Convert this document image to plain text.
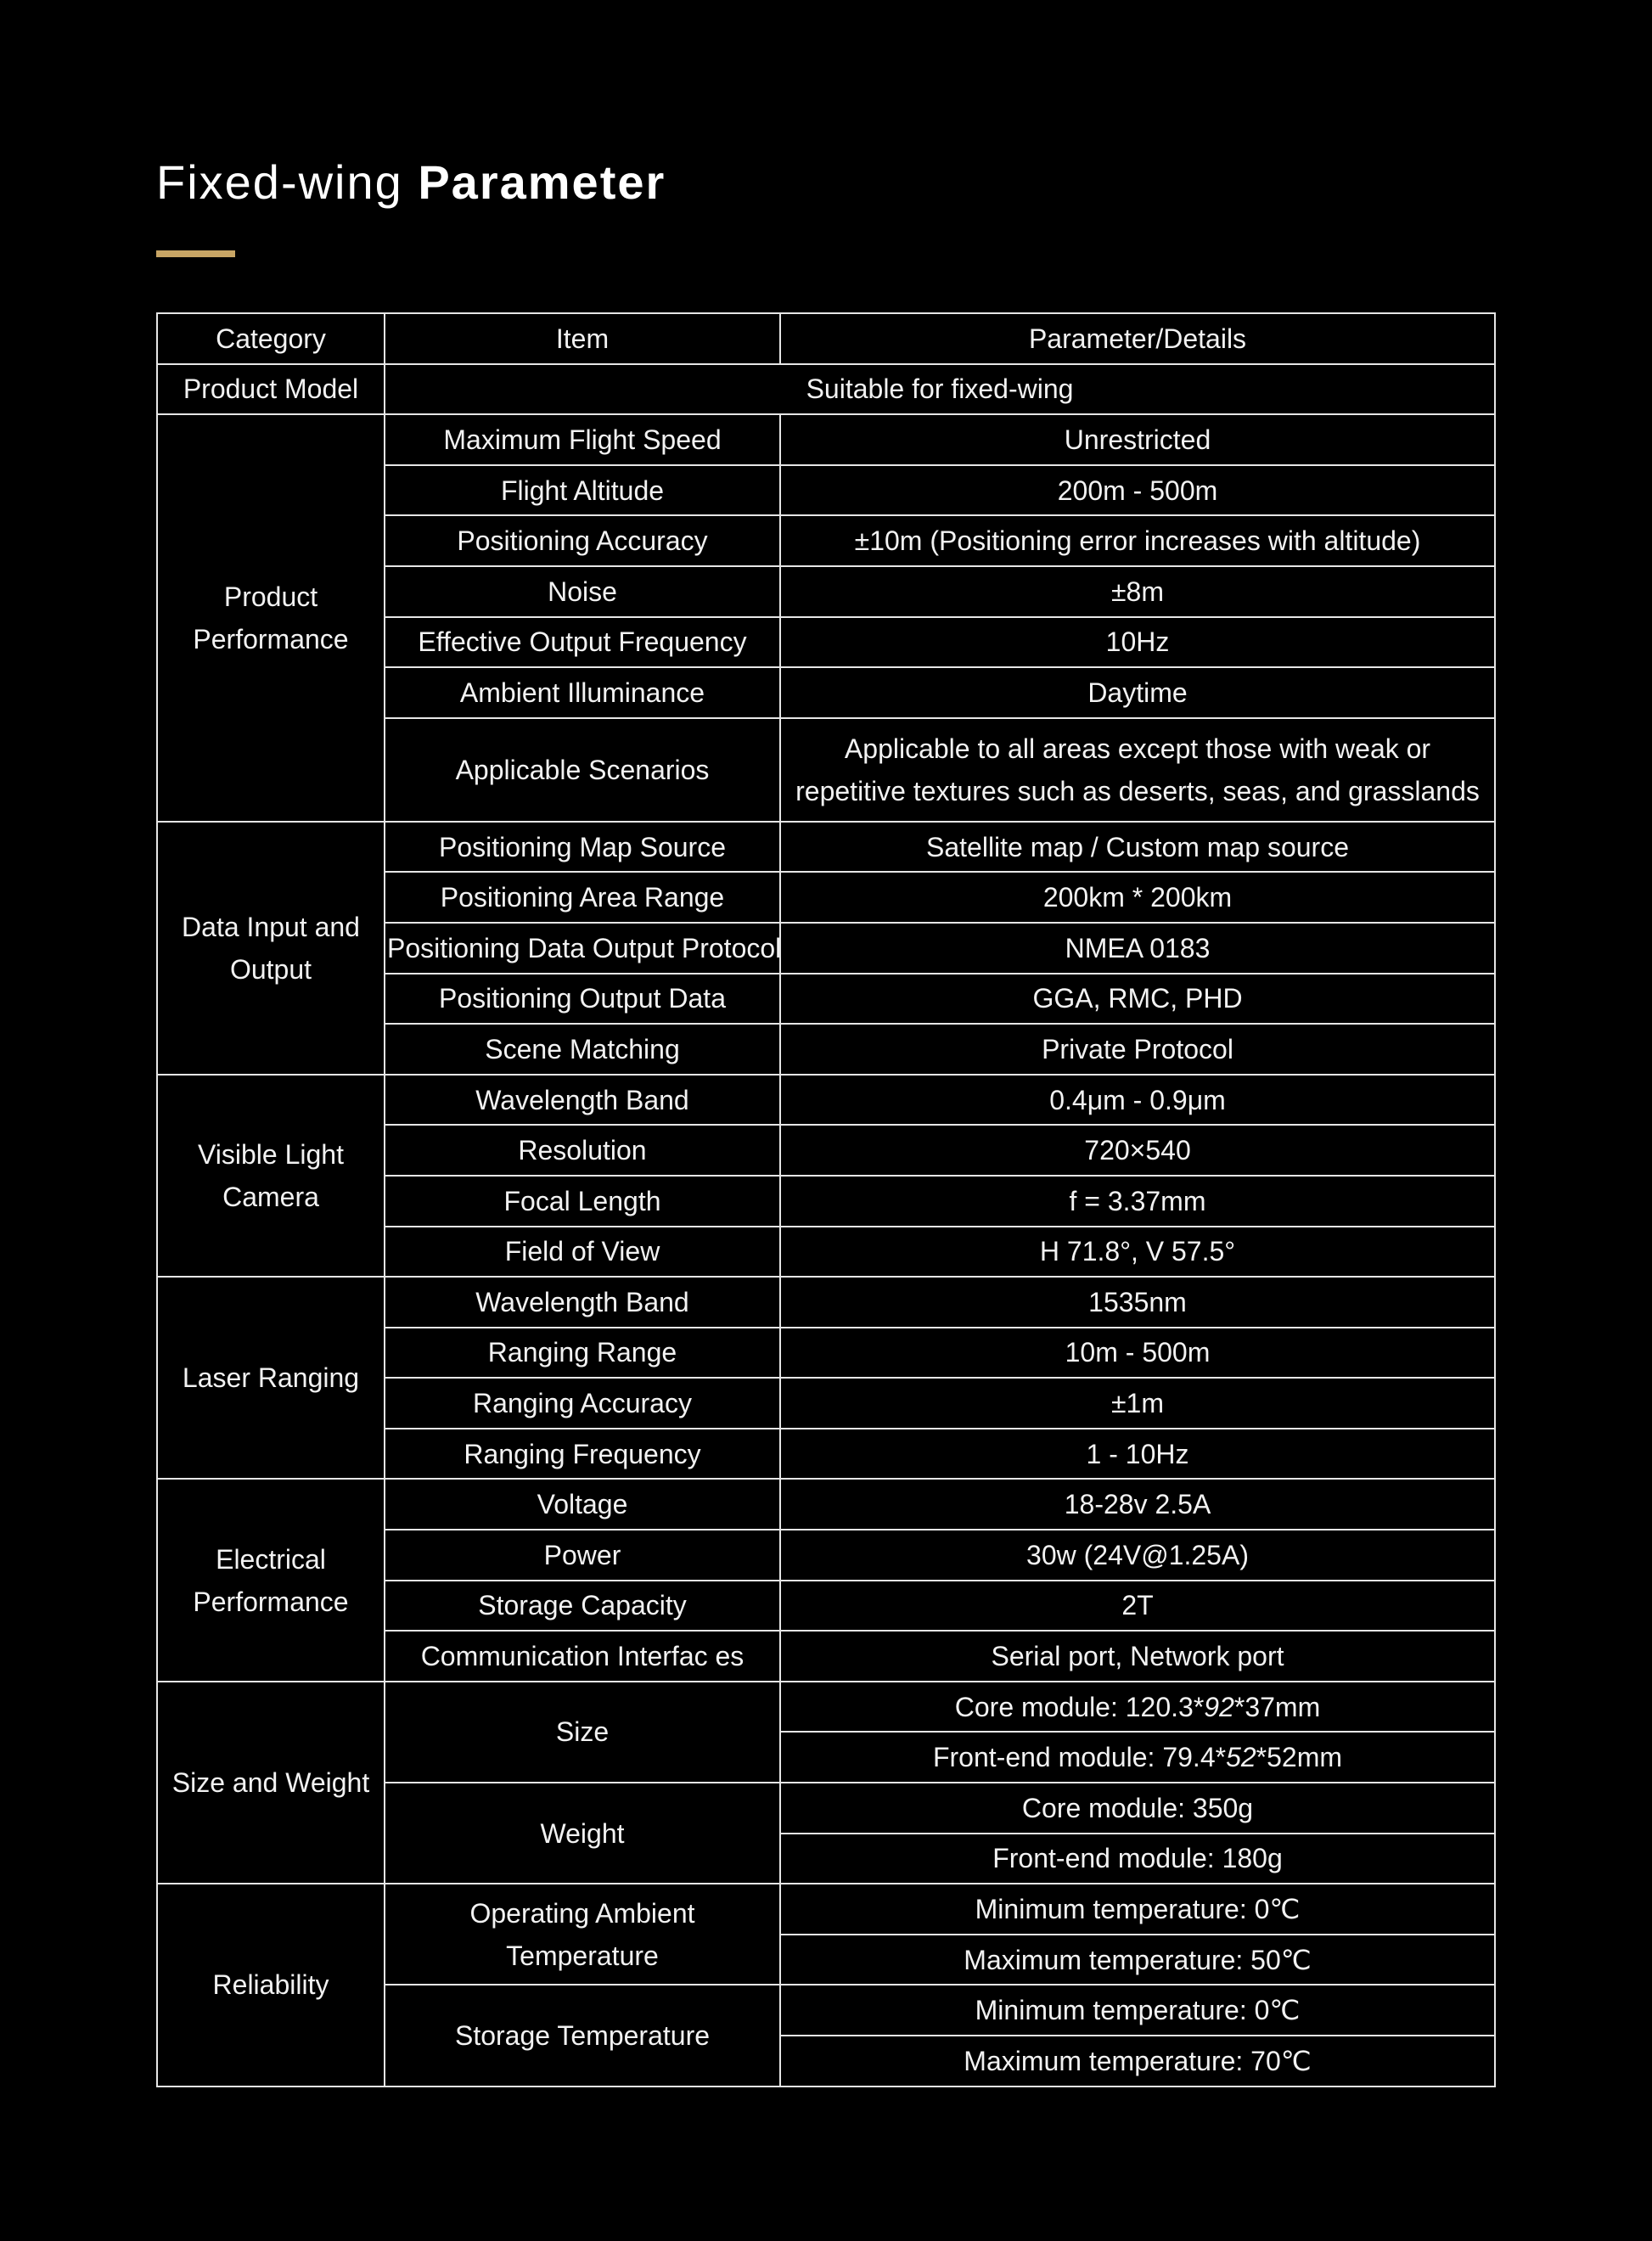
Fixed-wing Parameter
Category	Item	Parameter/Details
Product Model	Suitable for fixed-wing	
Product Performance	Maximum Flight Speed	Unrestricted
	Flight Altitude	200m - 500m
	Positioning Accuracy	±10m (Positioning error increases with altitude)
	Noise	±8m
	Effective Output Frequency	10Hz
	Ambient Illuminance	Daytime
	Applicable Scenarios	Applicable to all areas except those with weak or repetitive textures such as deserts, seas, and grasslands
Data Input and Output	Positioning Map Source	Satellite map / Custom map source
	Positioning Area Range	200km * 200km
	Positioning Data Output Protocol	NMEA 0183
	Positioning Output Data	GGA, RMC, PHD
	Scene Matching	Private Protocol
Visible Light Camera	Wavelength Band	0.4μm - 0.9μm
	Resolution	720×540
	Focal Length	f = 3.37mm
	Field of View	H 71.8°, V 57.5°
Laser Ranging	Wavelength Band	1535nm
	Ranging Range	10m - 500m
	Ranging Accuracy	±1m
	Ranging Frequency	1 - 10Hz
Electrical Performance	Voltage	18-28v 2.5A
	Power	30w (24V@1.25A)
	Storage Capacity	2T
	Communication Interfac es	Serial port, Network port
Size and Weight	Size	Core module: 120.3*92*37mm
		Front-end module: 79.4*52*52mm
	Weight	Core module: 350g
		Front-end module: 180g
Reliability	Operating Ambient Temperature	Minimum temperature: 0℃
		Maximum temperature: 50℃
	Storage Temperature	Minimum temperature: 0℃
		Maximum temperature: 70℃
